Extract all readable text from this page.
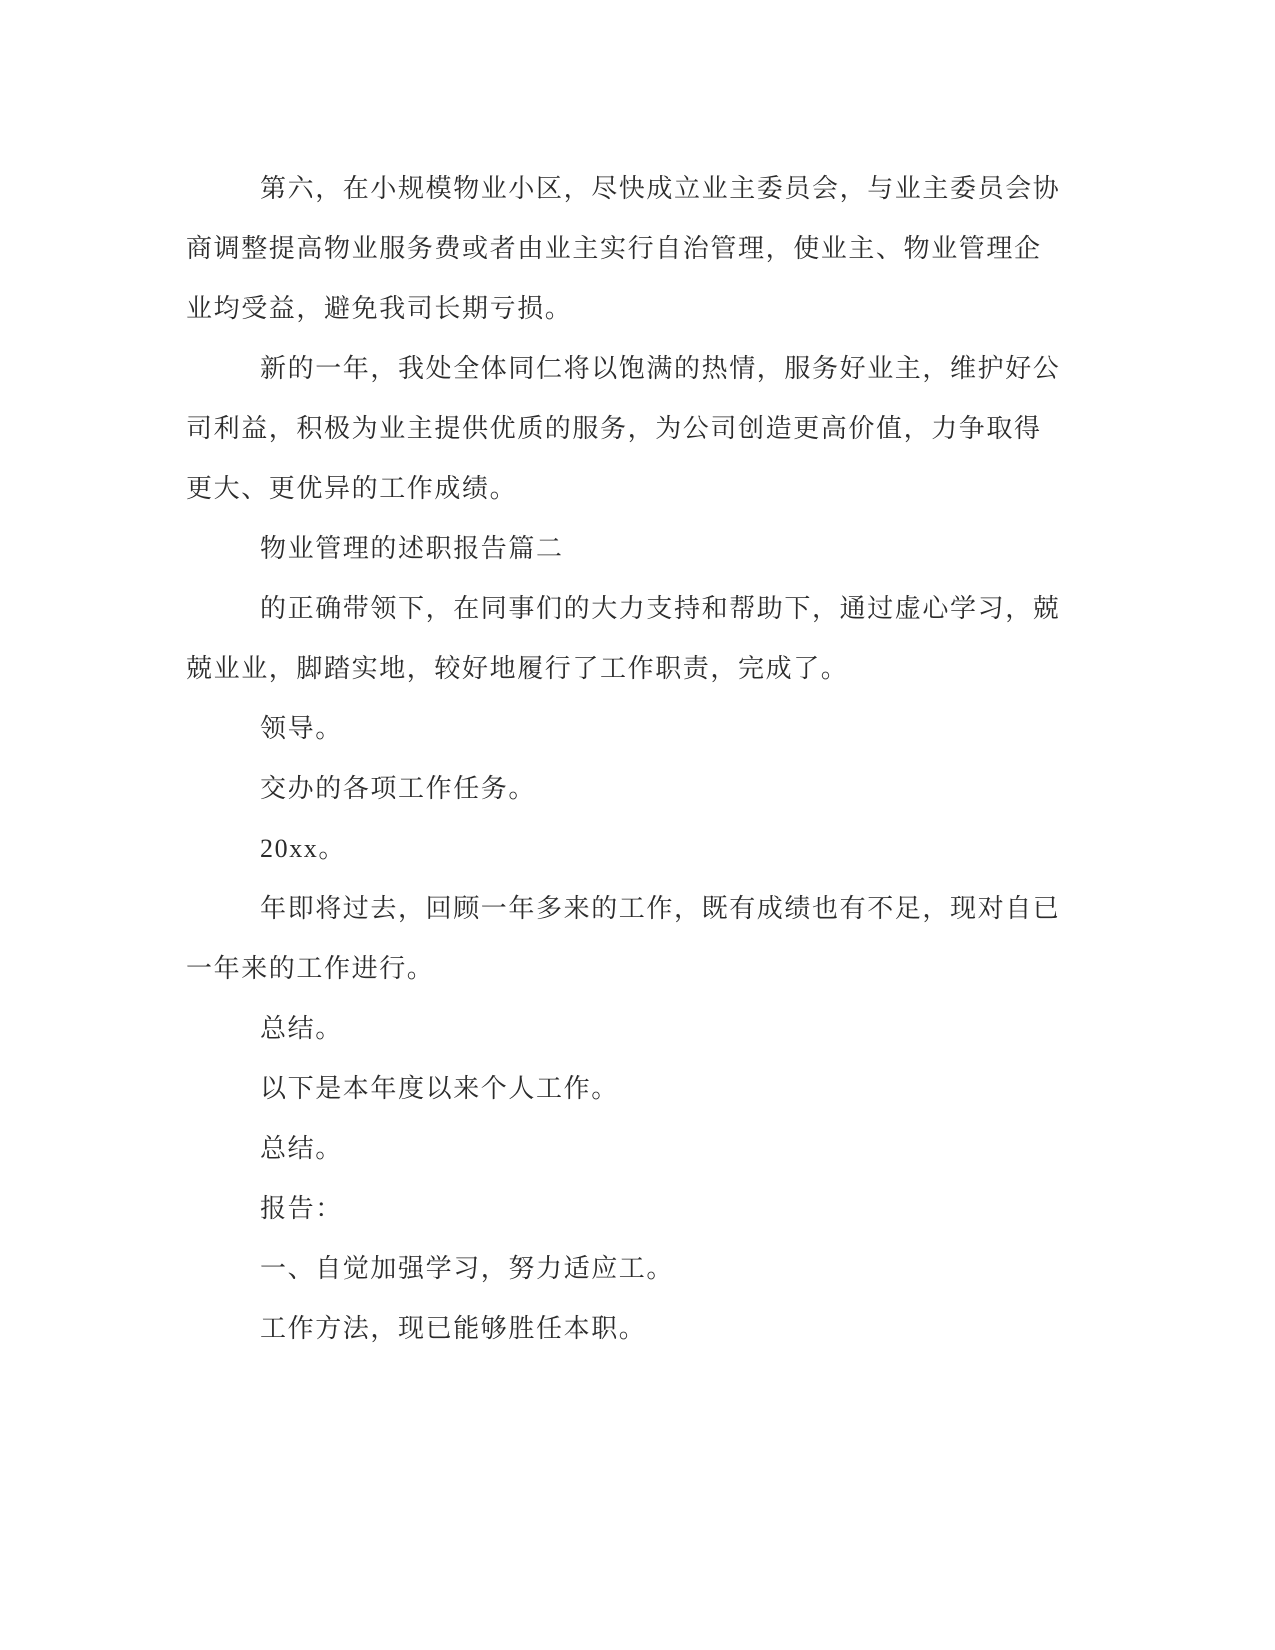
第六，在小规模物业小区，尽快成立业主委员会，与业主委员会协商调整提高物业服务费或者由业主实行自治管理，使业主、物业管理企业均受益，避免我司长期亏损。

新的一年，我处全体同仁将以饱满的热情，服务好业主，维护好公司利益，积极为业主提供优质的服务，为公司创造更高价值，力争取得更大、更优异的工作成绩。

物业管理的述职报告篇二

的正确带领下，在同事们的大力支持和帮助下，通过虚心学习，兢兢业业，脚踏实地，较好地履行了工作职责，完成了。

领导。

交办的各项工作任务。

20xx。

年即将过去，回顾一年多来的工作，既有成绩也有不足，现对自已一年来的工作进行。

总结。

以下是本年度以来个人工作。

总结。

报告：

一、自觉加强学习，努力适应工。

工作方法，现已能够胜任本职。
